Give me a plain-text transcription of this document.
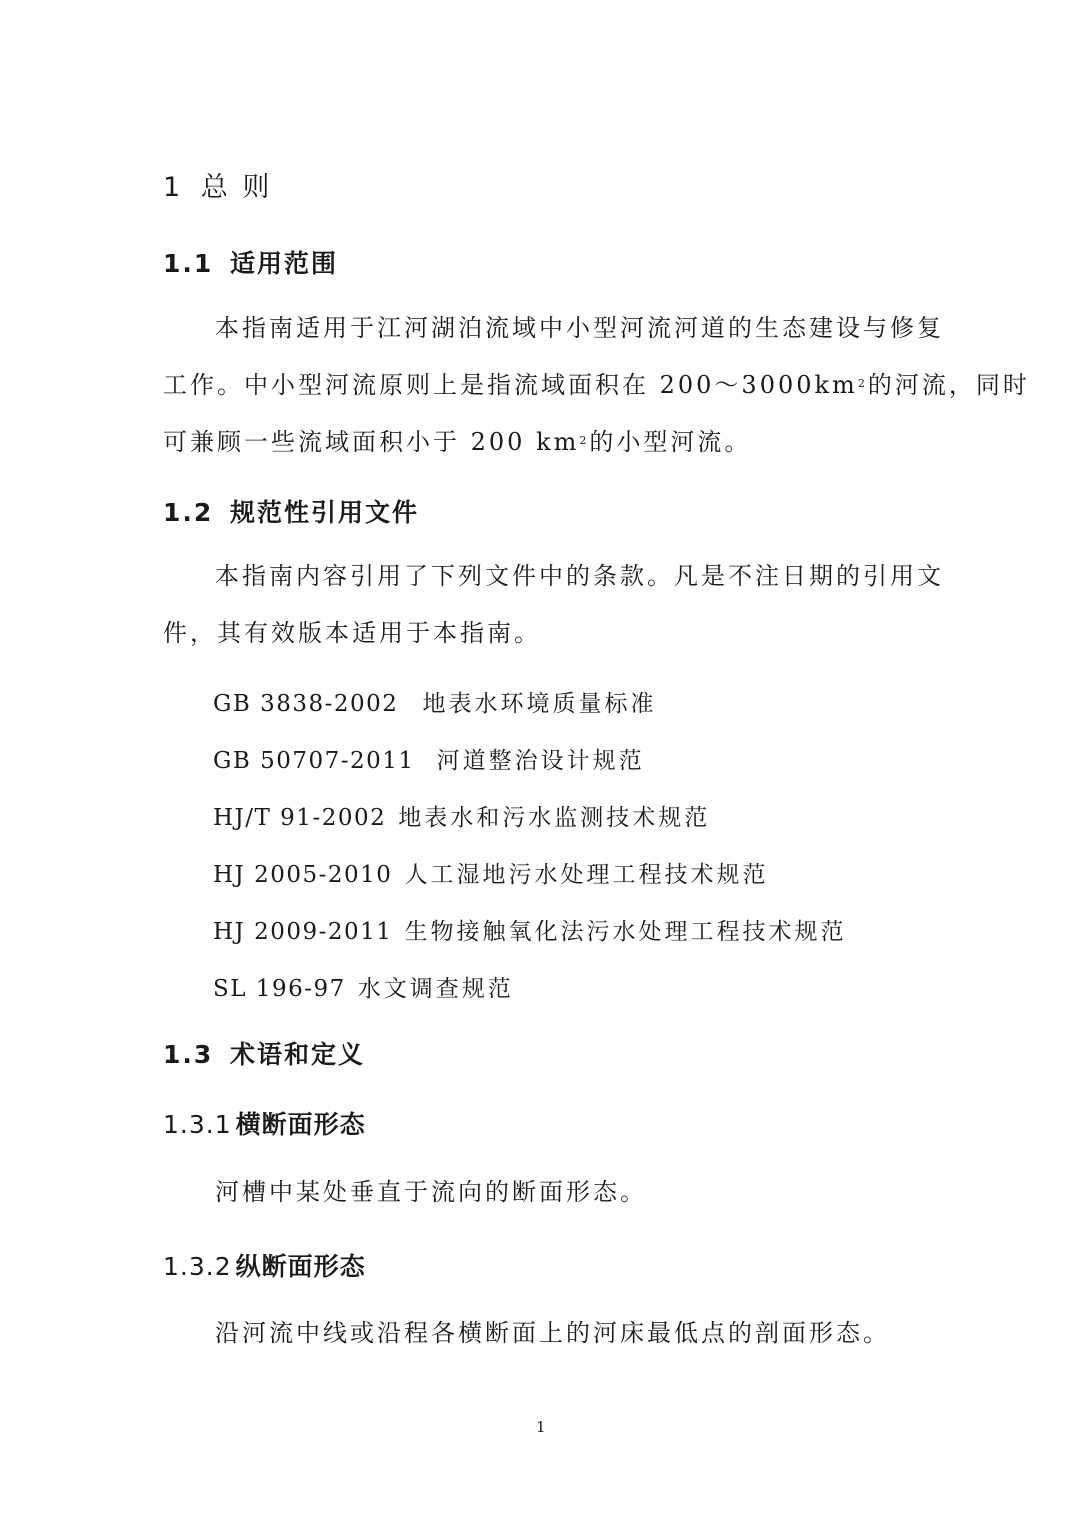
1 总 则
1.1 适用范围
本指南适用于江河湖泊流域中小型河流河道的生态建设与修复
工作。中小型河流原则上是指流域面积在 $200\sim 3000km^2$的河流，同时
可兼顾一些流域面积小于 200 $km^2$的小型河流。
1.2 规范性引用文件
本指南内容引用了下列文件中的条款。凡是不注日期的引用文
件，其有效版本适用于本指南。
GB 3838-2002 地表水环境质量标准
GB 50707-2011 河道整治设计规范
HJ/T 91-2002 地表水和污水监测技术规范
HJ 2005-2010 人工湿地污水处理工程技术规范
HJ 2009-2011 生物接触氧化法污水处理工程技术规范
SL 196-97 水文调查规范
1.3 术语和定义
1.3.1 横断面形态
河槽中某处垂直于流向的断面形态。
1.3.2 纵断面形态
沿河流中线或沿程各横断面上的河床最低点的剖面形态。
1
